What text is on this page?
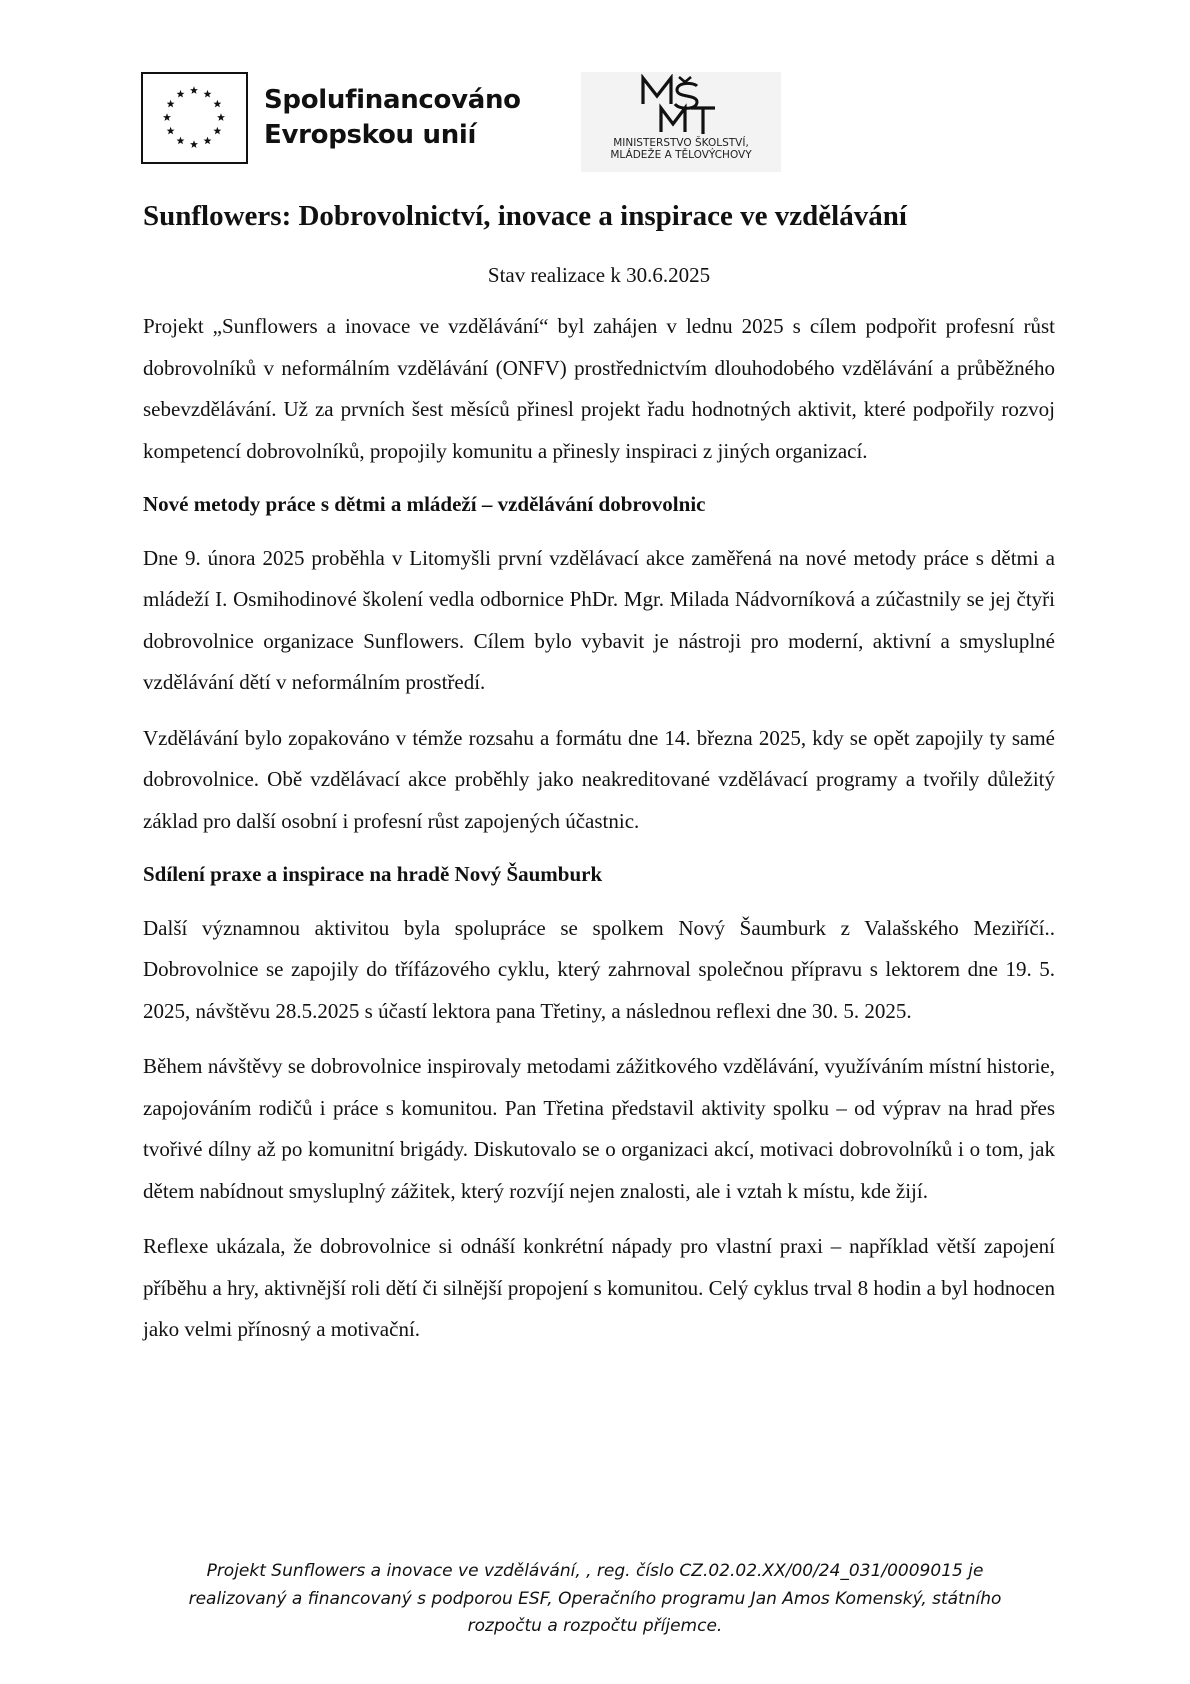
Spolufinancováno
Evropskou unií	MINISTERSTVO ŠKOLSTVÍ,
MLÁDEŽE A TĚLOVÝCHOVY
Sunflowers: Dobrovolnictví, inovace a inspirace ve vzdělávání

Stav realizace k 30.6.2025

Projekt „Sunflowers a inovace ve vzdělávání“ byl zahájen v lednu 2025 s cílem podpořit profesní růst dobrovolníků v neformálním vzdělávání (ONFV) prostřednictvím dlouhodobého vzdělávání a průběžného sebevzdělávání. Už za prvních šest měsíců přinesl projekt řadu hodnotných aktivit, které podpořily rozvoj kompetencí dobrovolníků, propojily komunitu a přinesly inspiraci z jiných organizací.

Nové metody práce s dětmi a mládeží – vzdělávání dobrovolnic

Dne 9. února 2025 proběhla v Litomyšli první vzdělávací akce zaměřená na nové metody práce s dětmi a mládeží I. Osmihodinové školení vedla odbornice PhDr. Mgr. Milada Nádvorníková a zúčastnily se jej čtyři dobrovolnice organizace Sunflowers. Cílem bylo vybavit je nástroji pro moderní, aktivní a smysluplné vzdělávání dětí v neformálním prostředí.

Vzdělávání bylo zopakováno v témže rozsahu a formátu dne 14. března 2025, kdy se opět zapojily ty samé dobrovolnice. Obě vzdělávací akce proběhly jako neakreditované vzdělávací programy a tvořily důležitý základ pro další osobní i profesní růst zapojených účastnic.

Sdílení praxe a inspirace na hradě Nový Šaumburk

Další významnou aktivitou byla spolupráce se spolkem Nový Šaumburk z Valašského Meziříčí.. Dobrovolnice se zapojily do třífázového cyklu, který zahrnoval společnou přípravu s lektorem dne 19. 5. 2025, návštěvu 28.5.2025 s účastí lektora pana Třetiny, a následnou reflexi dne 30. 5. 2025.

Během návštěvy se dobrovolnice inspirovaly metodami zážitkového vzdělávání, využíváním místní historie, zapojováním rodičů i práce s komunitou. Pan Třetina představil aktivity spolku – od výprav na hrad přes tvořivé dílny až po komunitní brigády. Diskutovalo se o organizaci akcí, motivaci dobrovolníků i o tom, jak dětem nabídnout smysluplný zážitek, který rozvíjí nejen znalosti, ale i vztah k místu, kde žijí.

Reflexe ukázala, že dobrovolnice si odnáší konkrétní nápady pro vlastní praxi – například větší zapojení příběhu a hry, aktivnější roli dětí či silnější propojení s komunitou. Celý cyklus trval 8 hodin a byl hodnocen jako velmi přínosný a motivační.

Projekt Sunflowers a inovace ve vzdělávání, , reg. číslo CZ.02.02.XX/00/24_031/0009015 je
realizovaný a financovaný s podporou ESF, Operačního programu Jan Amos Komenský, státního
rozpočtu a rozpočtu příjemce.
